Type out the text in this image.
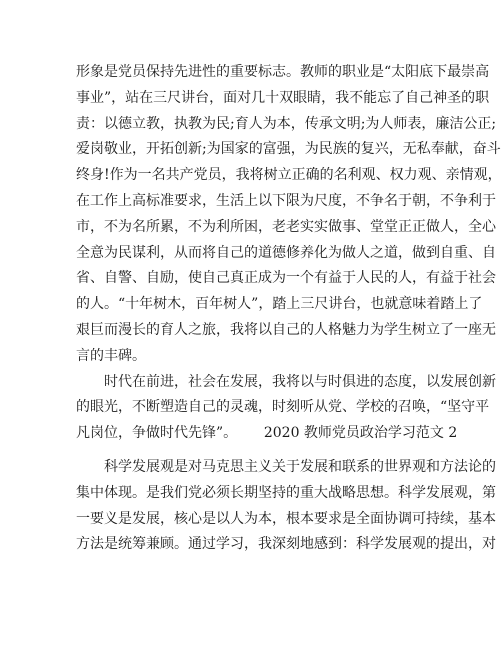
形象是党员保持先进性的重要标志。教师的职业是“太阳底下最崇高
事业”，站在三尺讲台，面对几十双眼睛，我不能忘了自己神圣的职
责：以德立教，执教为民;育人为本，传承文明;为人师表，廉洁公正;
爱岗敬业，开拓创新;为国家的富强，为民族的复兴，无私奉献，奋斗
终身!作为一名共产党员，我将树立正确的名利观、权力观、亲情观，
在工作上高标准要求，生活上以下限为尺度，不争名于朝，不争利于
市，不为名所累，不为利所困，老老实实做事、堂堂正正做人，全心
全意为民谋利，从而将自己的道德修养化为做人之道，做到自重、自
省、自警、自励，使自己真正成为一个有益于人民的人，有益于社会
的人。“十年树木，百年树人”，踏上三尺讲台，也就意味着踏上了
艰巨而漫长的育人之旅，我将以自己的人格魅力为学生树立了一座无
言的丰碑。
时代在前进，社会在发展，我将以与时俱进的态度，以发展创新
的眼光，不断塑造自己的灵魂，时刻听从党、学校的召唤，“坚守平
凡岗位，争做时代先锋”。      2020 教师党员政治学习范文 2
科学发展观是对马克思主义关于发展和联系的世界观和方法论的
集中体现。是我们党必须长期坚持的重大战略思想。科学发展观，第
一要义是发展，核心是以人为本，根本要求是全面协调可持续，基本
方法是统筹兼顾。通过学习，我深刻地感到：科学发展观的提出，对
